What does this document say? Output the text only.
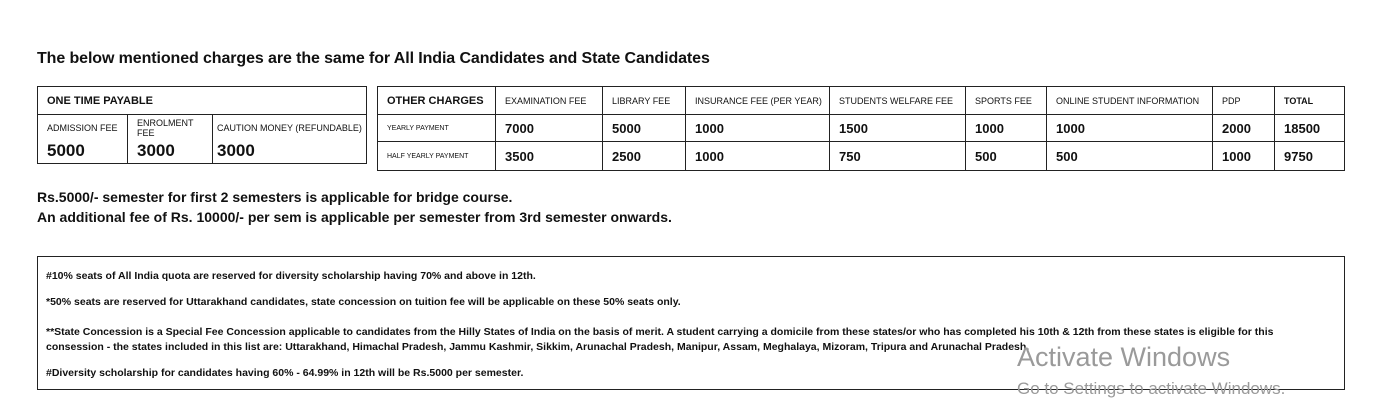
The below mentioned charges are the same for All India Candidates and State Candidates
ONE TIME PAYABLE		
ADMISSION FEE	ENROLMENT FEE	CAUTION MONEY (REFUNDABLE)
5000	3000	3000
OTHER CHARGES	EXAMINATION FEE	LIBRARY FEE	INSURANCE FEE (PER YEAR)	STUDENTS WELFARE FEE	SPORTS FEE	ONLINE STUDENT INFORMATION	PDP	TOTAL
YEARLY PAYMENT	7000	5000	1000	1500	1000	1000	2000	18500
HALF YEARLY PAYMENT	3500	2500	1000	750	500	500	1000	9750
Rs.5000/- semester for first 2 semesters is applicable for bridge course.
An additional fee of Rs. 10000/- per sem is applicable per semester from 3rd semester onwards.

#10% seats of All India quota are reserved for diversity scholarship having 70% and above in 12th.

*50% seats are reserved for Uttarakhand candidates, state concession on tuition fee will be applicable on these 50% seats only.

**State Concession is a Special Fee Concession applicable to candidates from the Hilly States of India on the basis of merit. A student carrying a domicile from these states/or who has completed his 10th & 12th from these states is eligible for this consession - the states included in this list are: Uttarakhand, Himachal Pradesh, Jammu Kashmir, Sikkim, Arunachal Pradesh, Manipur, Assam, Meghalaya, Mizoram, Tripura and Arunachal Pradesh.

#Diversity scholarship for candidates having 60% - 64.99% in 12th will be Rs.5000 per semester.

Activate Windows
Go to Settings to activate Windows.
